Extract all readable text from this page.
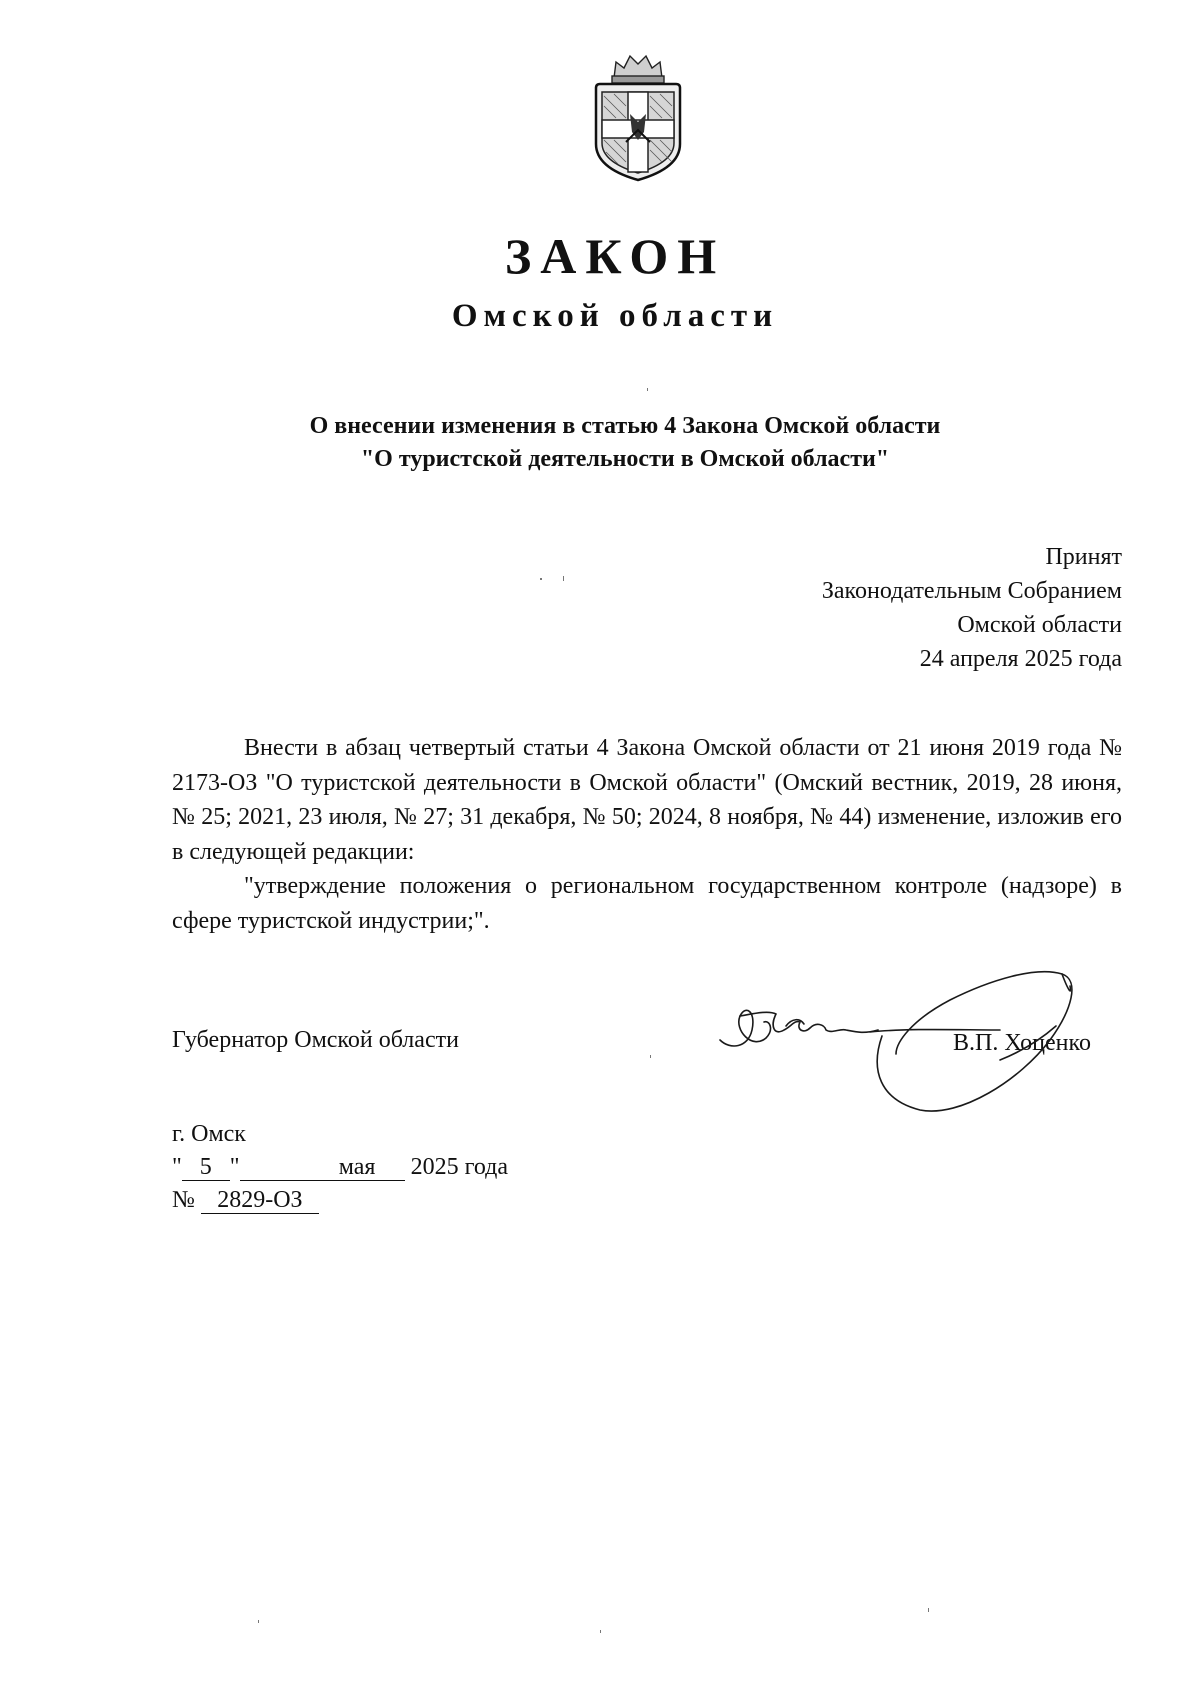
ЗАКОН
Омской области
О внесении изменения в статью 4 Закона Омской области
"О туристской деятельности в Омской области"
Принят
Законодательным Собранием
Омской области
24 апреля 2025 года

Внести в абзац четвертый статьи 4 Закона Омской области от 21 июня 2019 года № 2173-ОЗ "О туристской деятельности в Омской области" (Омский вестник, 2019, 28 июня, № 25; 2021, 23 июля, № 27; 31 декабря, № 50; 2024, 8 ноября, № 44) изменение, изложив его в следующей редакции:

"утверждение положения о региональном государственном контроле (надзоре) в сфере туристской индустрии;".

Губернатор Омской области	В.П. Хоценко
г. Омск
" 5 "	мая 2025 года
№ 2829-ОЗ
